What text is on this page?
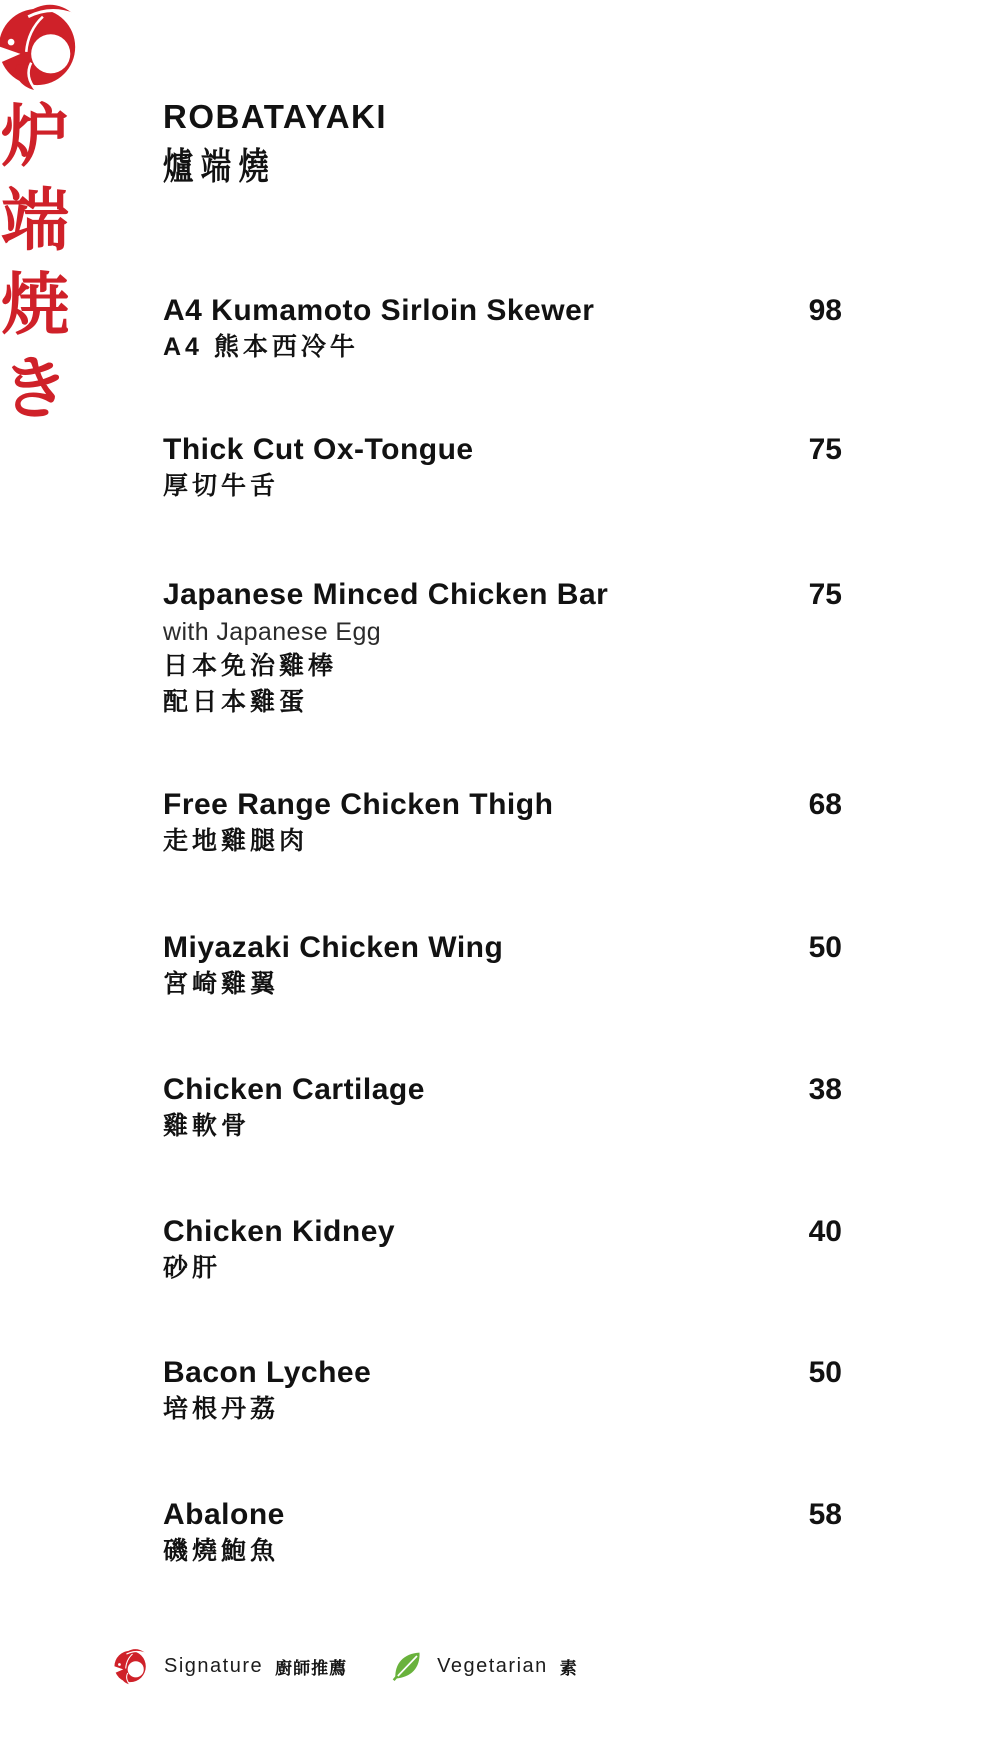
炉
端
焼
き
ROBATAYAKI
爐端燒
A4 Kumamoto Sirloin Skewer
A4 熊本西冷牛
98
Thick Cut Ox-Tongue
厚切牛舌
75
Japanese Minced Chicken Bar
with Japanese Egg
日本免治雞棒
配日本雞蛋
75
Free Range Chicken Thigh
走地雞腿肉
68
Miyazaki Chicken Wing
宮崎雞翼
50
Chicken Cartilage
雞軟骨
38
Chicken Kidney
砂肝
40
Bacon Lychee
培根丹荔
50
Abalone
磯燒鮑魚
58
Signature 廚師推薦	Vegetarian 素
